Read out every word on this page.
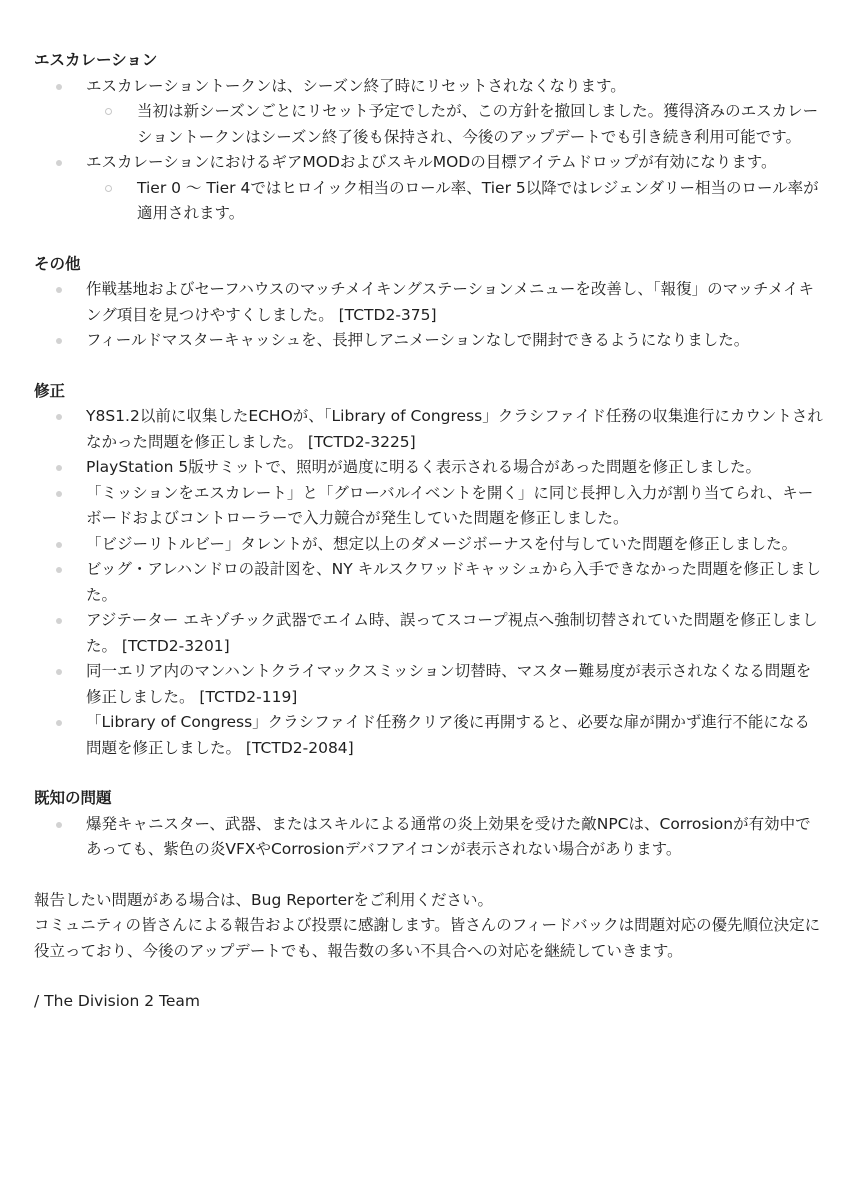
エスカレーション
エスカレーショントークンは、シーズン終了時にリセットされなくなります。
当初は新シーズンごとにリセット予定でしたが、この方針を撤回しました。獲得済みのエスカレーショントークンはシーズン終了後も保持され、今後のアップデートでも引き続き利用可能です。
エスカレーションにおけるギアMODおよびスキルMODの目標アイテムドロップが有効になります。
Tier 0 〜 Tier 4ではヒロイック相当のロール率、Tier 5以降ではレジェンダリー相当のロール率が適用されます。
その他
作戦基地およびセーフハウスのマッチメイキングステーションメニューを改善し、「報復」のマッチメイキング項目を見つけやすくしました。 [TCTD2-375]
フィールドマスターキャッシュを、長押しアニメーションなしで開封できるようになりました。
修正
Y8S1.2以前に収集したECHOが、「Library of Congress」クラシファイド任務の収集進行にカウントされなかった問題を修正しました。 [TCTD2-3225]
PlayStation 5版サミットで、照明が過度に明るく表示される場合があった問題を修正しました。
「ミッションをエスカレート」と「グローバルイベントを開く」に同じ長押し入力が割り当てられ、キーボードおよびコントローラーで入力競合が発生していた問題を修正しました。
「ビジーリトルビー」タレントが、想定以上のダメージボーナスを付与していた問題を修正しました。
ビッグ・アレハンドロの設計図を、NY キルスクワッドキャッシュから入手できなかった問題を修正しました。
アジテーター エキゾチック武器でエイム時、誤ってスコープ視点へ強制切替されていた問題を修正しました。 [TCTD2-3201]
同一エリア内のマンハントクライマックスミッション切替時、マスター難易度が表示されなくなる問題を修正しました。 [TCTD2-119]
「Library of Congress」クラシファイド任務クリア後に再開すると、必要な扉が開かず進行不能になる問題を修正しました。 [TCTD2-2084]
既知の問題
爆発キャニスター、武器、またはスキルによる通常の炎上効果を受けた敵NPCは、Corrosionが有効中であっても、紫色の炎VFXやCorrosionデバフアイコンが表示されない場合があります。

報告したい問題がある場合は、Bug Reporterをご利用ください。

コミュニティの皆さんによる報告および投票に感謝します。皆さんのフィードバックは問題対応の優先順位決定に役立っており、今後のアップデートでも、報告数の多い不具合への対応を継続していきます。

/ The Division 2 Team
